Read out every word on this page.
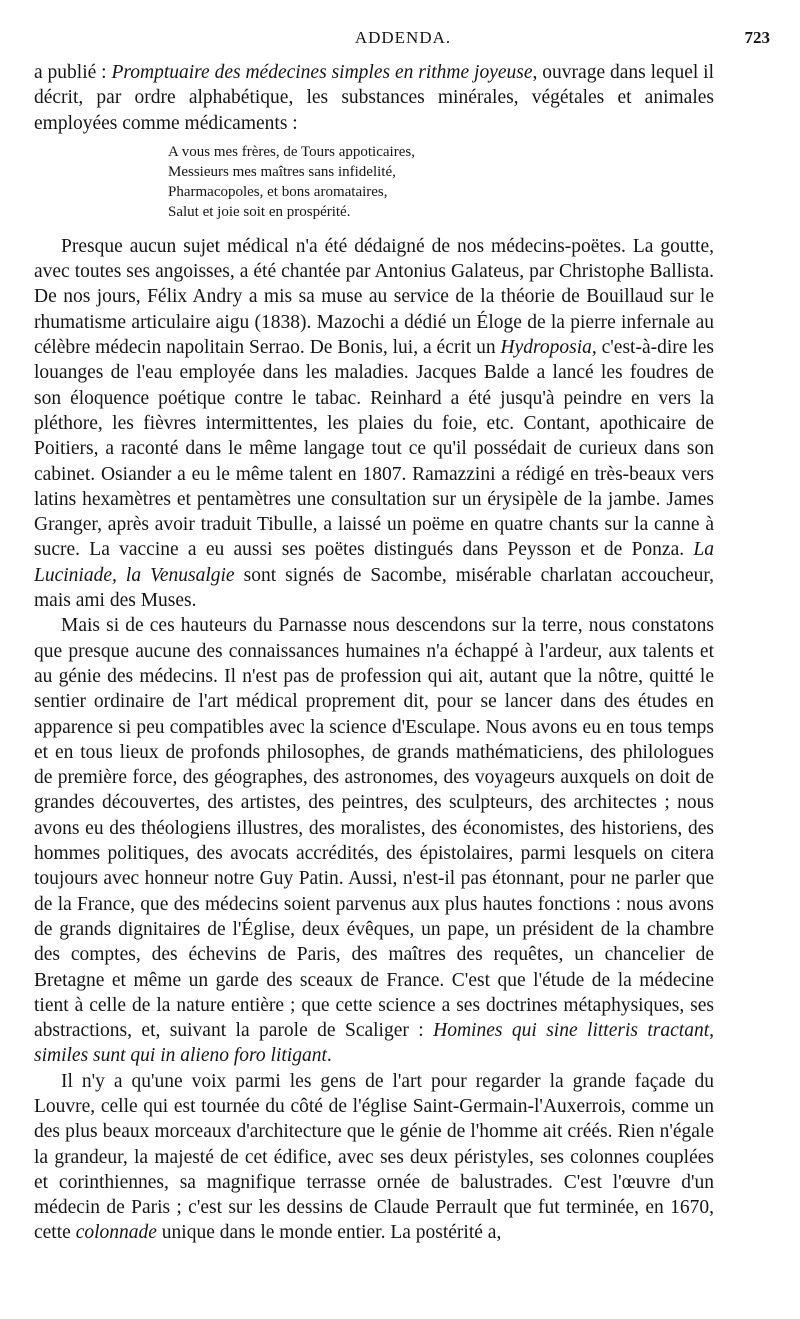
ADDENDA.	723

a publié : Promptuaire des médecines simples en rithme joyeuse, ouvrage dans lequel il décrit, par ordre alphabétique, les substances minérales, végétales et animales employées comme médicaments :

A vous mes frères, de Tours appoticaires,
Messieurs mes maîtres sans infidelité,
Pharmacopoles, et bons aromataires,
Salut et joie soit en prospérité.

Presque aucun sujet médical n'a été dédaigné de nos médecins-poëtes. La goutte, avec toutes ses angoisses, a été chantée par Antonius Galateus, par Christophe Ballista. De nos jours, Félix Andry a mis sa muse au service de la théorie de Bouillaud sur le rhumatisme articulaire aigu (1838). Mazochi a dédié un Éloge de la pierre infernale au célèbre médecin napolitain Serrao. De Bonis, lui, a écrit un Hydroposia, c'est-à-dire les louanges de l'eau employée dans les maladies. Jacques Balde a lancé les foudres de son éloquence poétique contre le tabac. Reinhard a été jusqu'à peindre en vers la pléthore, les fièvres intermittentes, les plaies du foie, etc. Contant, apothicaire de Poitiers, a raconté dans le même langage tout ce qu'il possédait de curieux dans son cabinet. Osiander a eu le même talent en 1807. Ramazzini a rédigé en très-beaux vers latins hexamètres et pentamètres une consultation sur un érysipèle de la jambe. James Granger, après avoir traduit Tibulle, a laissé un poëme en quatre chants sur la canne à sucre. La vaccine a eu aussi ses poëtes distingués dans Peysson et de Ponza. La Luciniade, la Venusalgie sont signés de Sacombe, misérable charlatan accoucheur, mais ami des Muses.

Mais si de ces hauteurs du Parnasse nous descendons sur la terre, nous constatons que presque aucune des connaissances humaines n'a échappé à l'ardeur, aux talents et au génie des médecins. Il n'est pas de profession qui ait, autant que la nôtre, quitté le sentier ordinaire de l'art médical proprement dit, pour se lancer dans des études en apparence si peu compatibles avec la science d'Esculape. Nous avons eu en tous temps et en tous lieux de profonds philosophes, de grands mathématiciens, des philologues de première force, des géographes, des astronomes, des voyageurs auxquels on doit de grandes découvertes, des artistes, des peintres, des sculpteurs, des architectes ; nous avons eu des théologiens illustres, des moralistes, des économistes, des historiens, des hommes politiques, des avocats accrédités, des épistolaires, parmi lesquels on citera toujours avec honneur notre Guy Patin. Aussi, n'est-il pas étonnant, pour ne parler que de la France, que des médecins soient parvenus aux plus hautes fonctions : nous avons de grands dignitaires de l'Église, deux évêques, un pape, un président de la chambre des comptes, des échevins de Paris, des maîtres des requêtes, un chancelier de Bretagne et même un garde des sceaux de France. C'est que l'étude de la médecine tient à celle de la nature entière ; que cette science a ses doctrines métaphysiques, ses abstractions, et, suivant la parole de Scaliger : Homines qui sine litteris tractant, similes sunt qui in alieno foro litigant.

Il n'y a qu'une voix parmi les gens de l'art pour regarder la grande façade du Louvre, celle qui est tournée du côté de l'église Saint-Germain-l'Auxerrois, comme un des plus beaux morceaux d'architecture que le génie de l'homme ait créés. Rien n'égale la grandeur, la majesté de cet édifice, avec ses deux péristyles, ses colonnes couplées et corinthiennes, sa magnifique terrasse ornée de balustrades. C'est l'œuvre d'un médecin de Paris ; c'est sur les dessins de Claude Perrault que fut terminée, en 1670, cette colonnade unique dans le monde entier. La postérité a,
